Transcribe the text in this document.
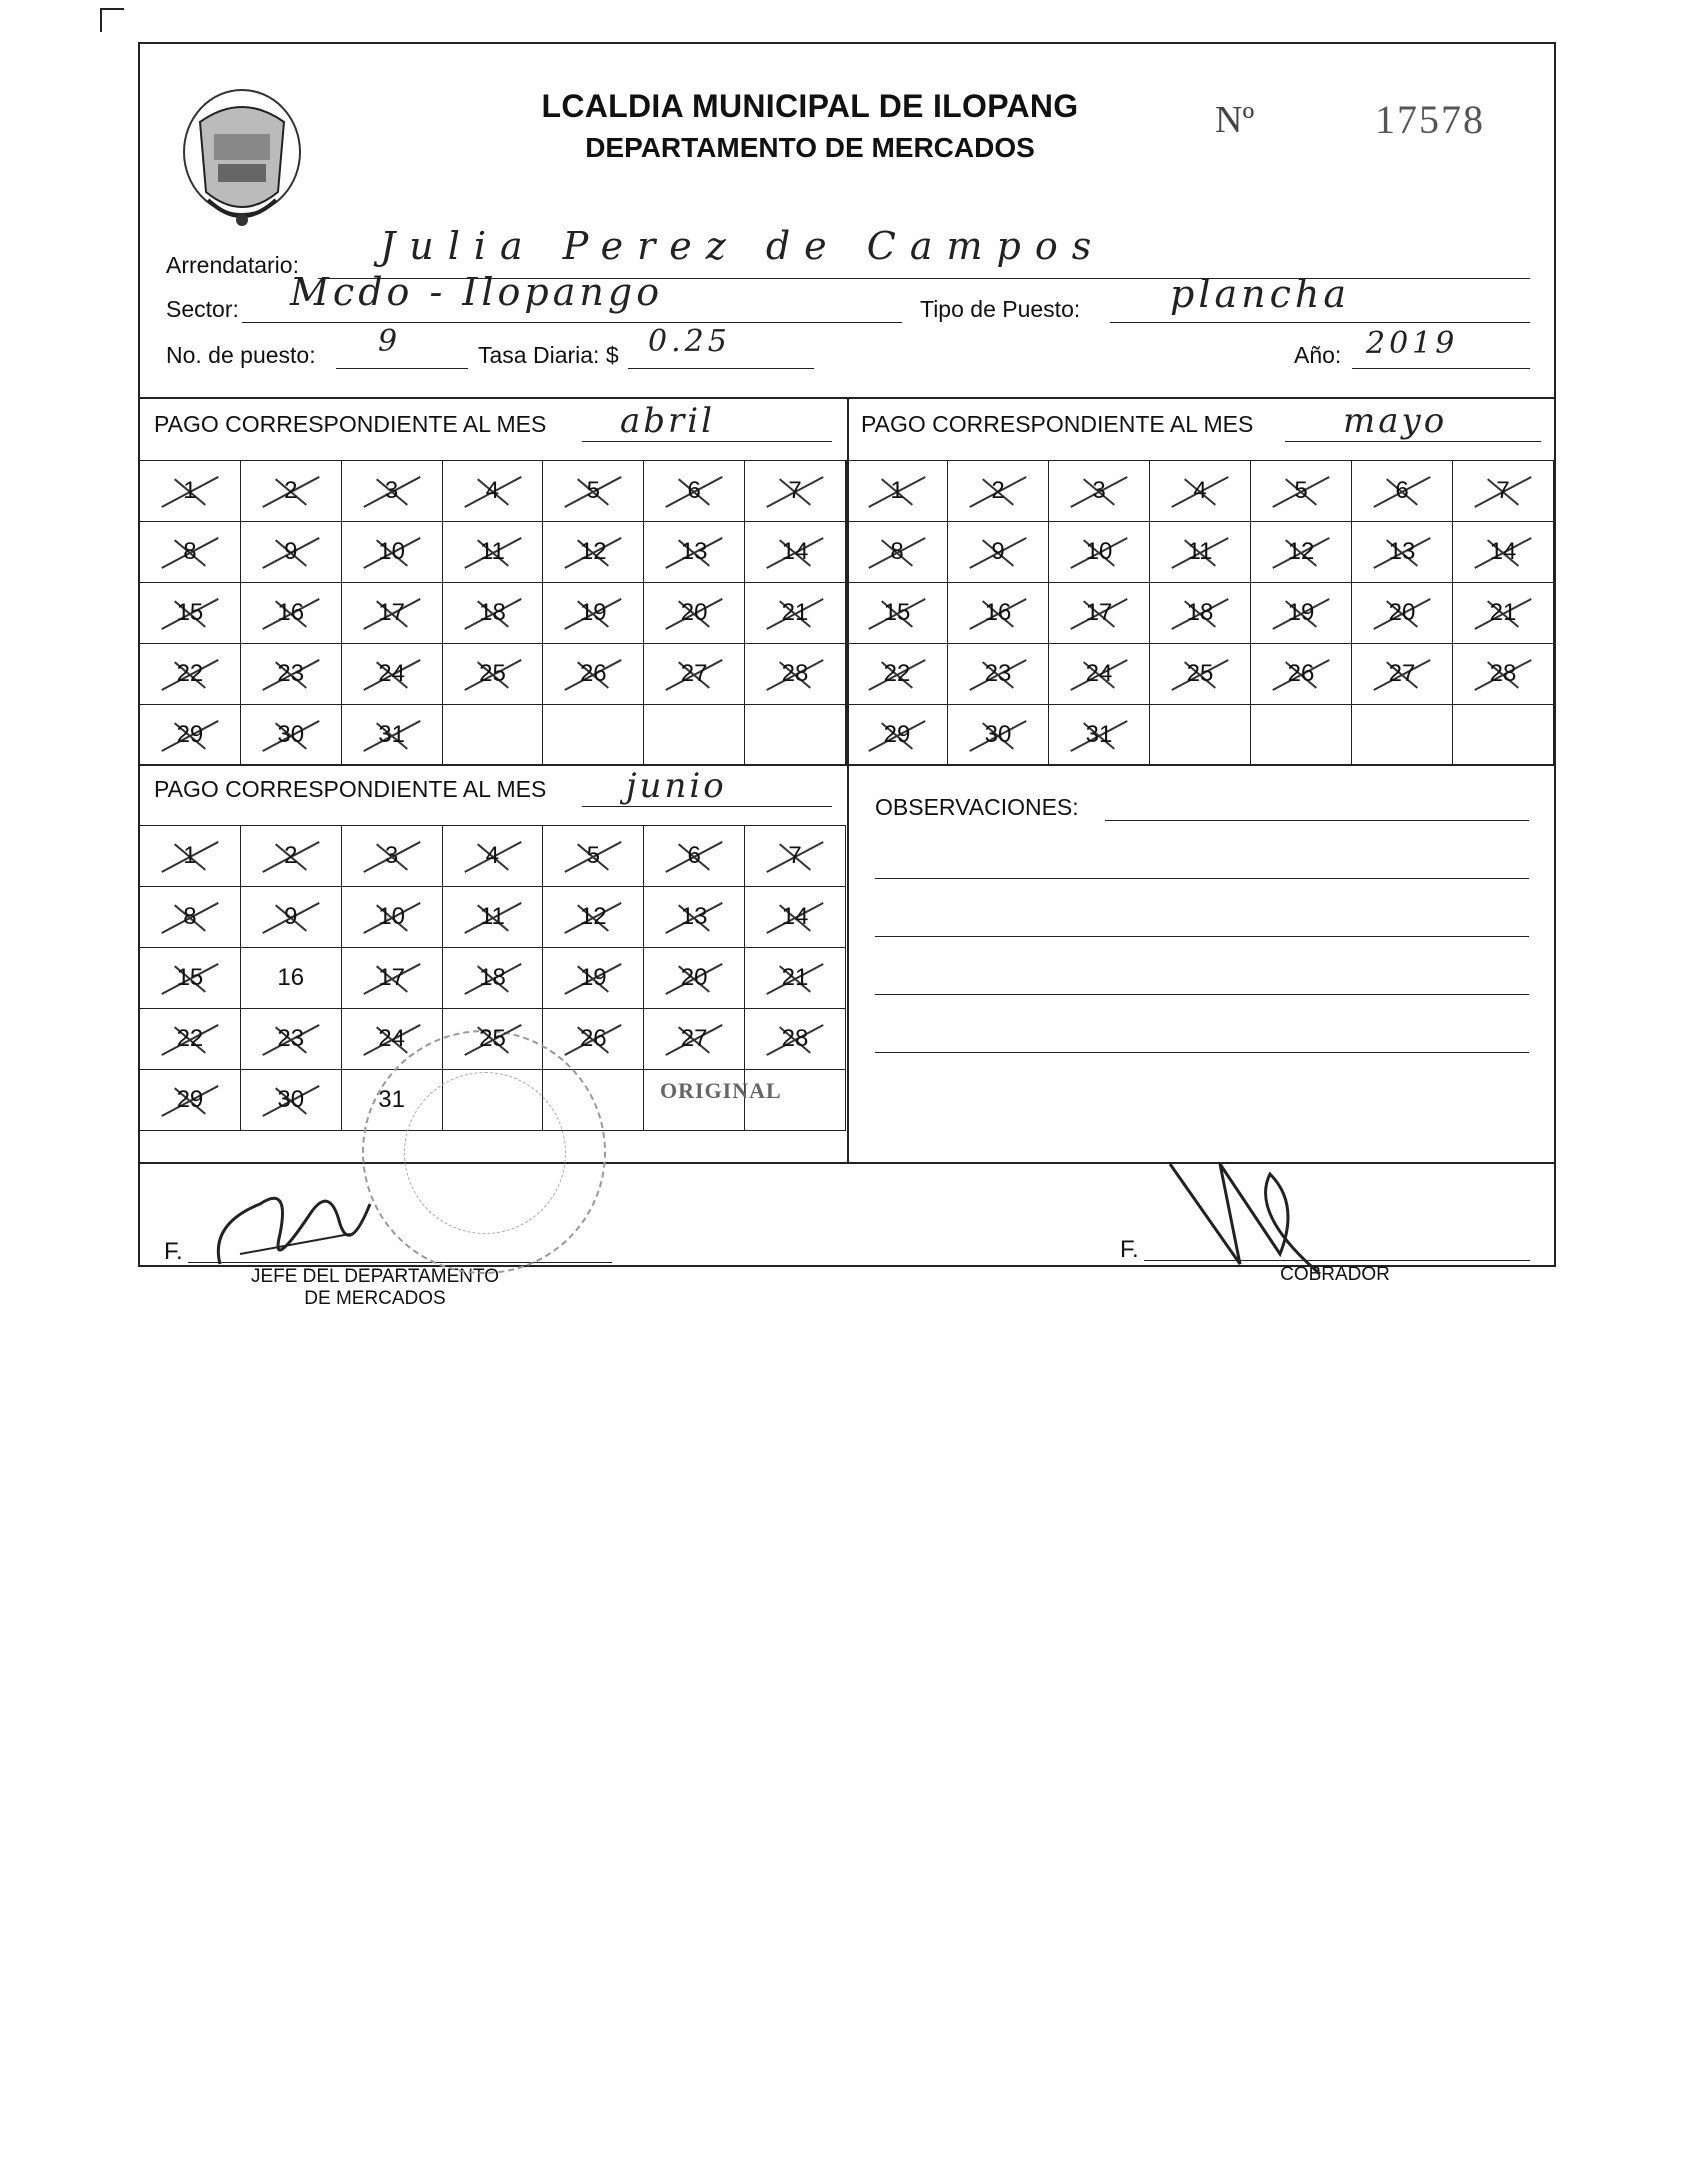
LCALDIA MUNICIPAL DE ILOPANG
DEPARTAMENTO DE MERCADOS
Nº	17578
Arrendatario: Julia Perez de Campos
Sector: Mcdo - Ilopango	Tipo de Puesto: plancha
No. de puesto: 9	Tasa Diaria: $ 0.25	Año: 2019
PAGO CORRESPONDIENTE AL MES abril
1	2	3	4	5	6	7
8	9	10	11	12	13	14
15	16	17	18	19	20	21
22	23	24	25	26	27	28
29	30	31				
PAGO CORRESPONDIENTE AL MES	mayo
1	2	3	4	5	6	7
8	9	10	11	12	13	14
15	16	17	18	19	20	21
22	23	24	25	26	27	28
29	30	31				
PAGO CORRESPONDIENTE AL MES junio
1	2	3	4	5	6	7
8	9	10	11	12	13	14
15	16	17	18	19	20	21
22	23	24	25	26	27	28
29	30	31				
OBSERVACIONES:
F.
JEFE DEL DEPARTAMENTO
DE MERCADOS
F.
COBRADOR
ORIGINAL
